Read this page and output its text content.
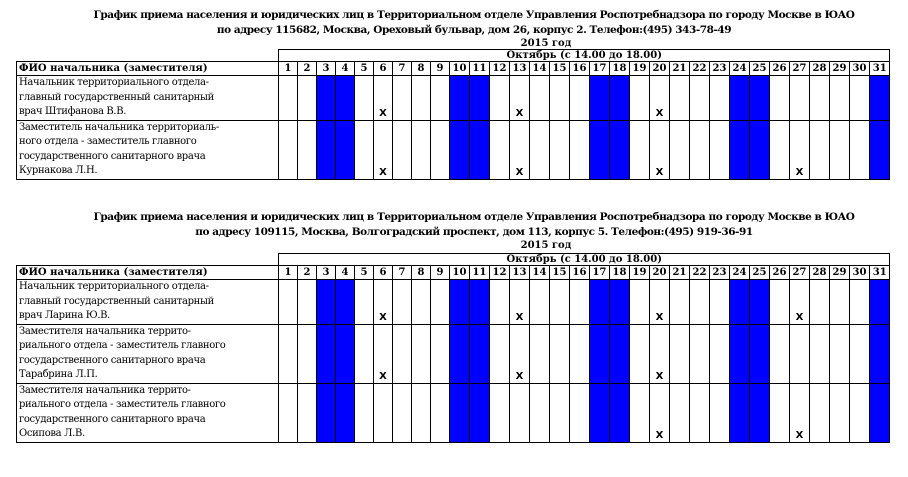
График приема населения и юридических лиц в Территориальном отделе Управления Роспотребнадзора по городу Москве в ЮАО
по адресу 115682, Москва, Ореховый бульвар, дом 26, корпус 2. Телефон:(495) 343-78-49
2015 год
	Октябрь (с 14.00 до 18.00)																														
ФИО начальника (заместителя)	1	2	3	4	5	6	7	8	9	10	11	12	13	14	15	16	17	18	19	20	21	22	23	24	25	26	27	28	29	30	31

Начальник территориального отдела-
главный государственный санитарный
врач Штифанова В.В.						X							X							X											

Заместитель начальника территориаль-
ного отдела - заместитель главного
государственного санитарного врача
Курнакова Л.Н.						X							X							X							X				
График приема населения и юридических лиц в Территориальном отделе Управления Роспотребнадзора по городу Москве в ЮАО
по адресу 109115, Москва, Волгоградский проспект, дом 113, корпус 5. Телефон:(495) 919-36-91
2015 год
	Октябрь (с 14.00 до 18.00)																														
ФИО начальника (заместителя)	1	2	3	4	5	6	7	8	9	10	11	12	13	14	15	16	17	18	19	20	21	22	23	24	25	26	27	28	29	30	31

Начальник территориального отдела-
главный государственный санитарный
врач Ларина Ю.В.						X							X							X							X				

Заместителя начальника террито-
риального отдела - заместитель главного
государственного санитарного врача
Тарабрина Л.П.						X							X							X											

Заместителя начальника террито-
риального отдела - заместитель главного
государственного санитарного врача
Осипова Л.В.																				X							X				
